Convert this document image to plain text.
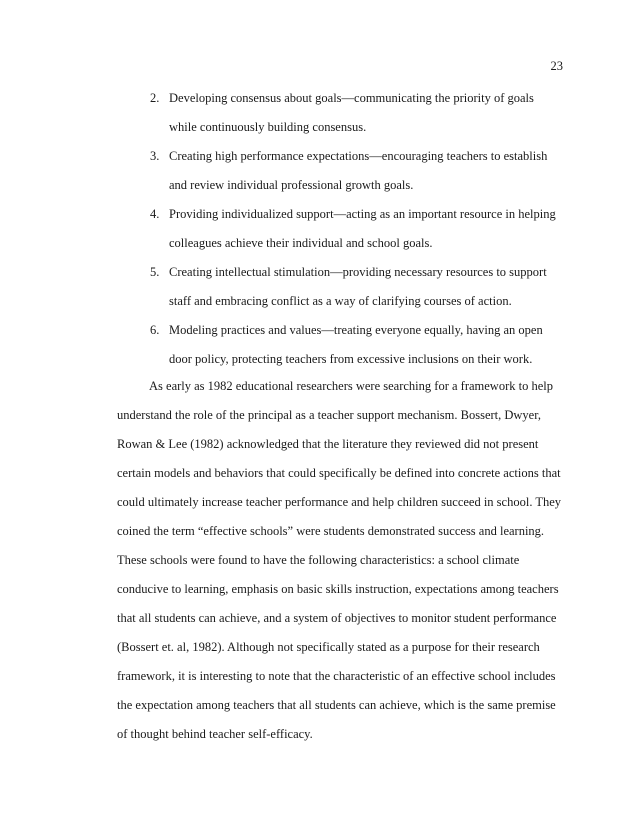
23
2. Developing consensus about goals—communicating the priority of goals
while continuously building consensus.
3. Creating high performance expectations—encouraging teachers to establish
and review individual professional growth goals.
4. Providing individualized support—acting as an important resource in helping
colleagues achieve their individual and school goals.
5. Creating intellectual stimulation—providing necessary resources to support
staff and embracing conflict as a way of clarifying courses of action.
6. Modeling practices and values—treating everyone equally, having an open
door policy, protecting teachers from excessive inclusions on their work.
As early as 1982 educational researchers were searching for a framework to help
understand the role of the principal as a teacher support mechanism. Bossert, Dwyer,
Rowan & Lee (1982) acknowledged that the literature they reviewed did not present
certain models and behaviors that could specifically be defined into concrete actions that
could ultimately increase teacher performance and help children succeed in school. They
coined the term “effective schools” were students demonstrated success and learning.
These schools were found to have the following characteristics: a school climate
conducive to learning, emphasis on basic skills instruction, expectations among teachers
that all students can achieve, and a system of objectives to monitor student performance
(Bossert et. al, 1982). Although not specifically stated as a purpose for their research
framework, it is interesting to note that the characteristic of an effective school includes
the expectation among teachers that all students can achieve, which is the same premise
of thought behind teacher self-efficacy.
